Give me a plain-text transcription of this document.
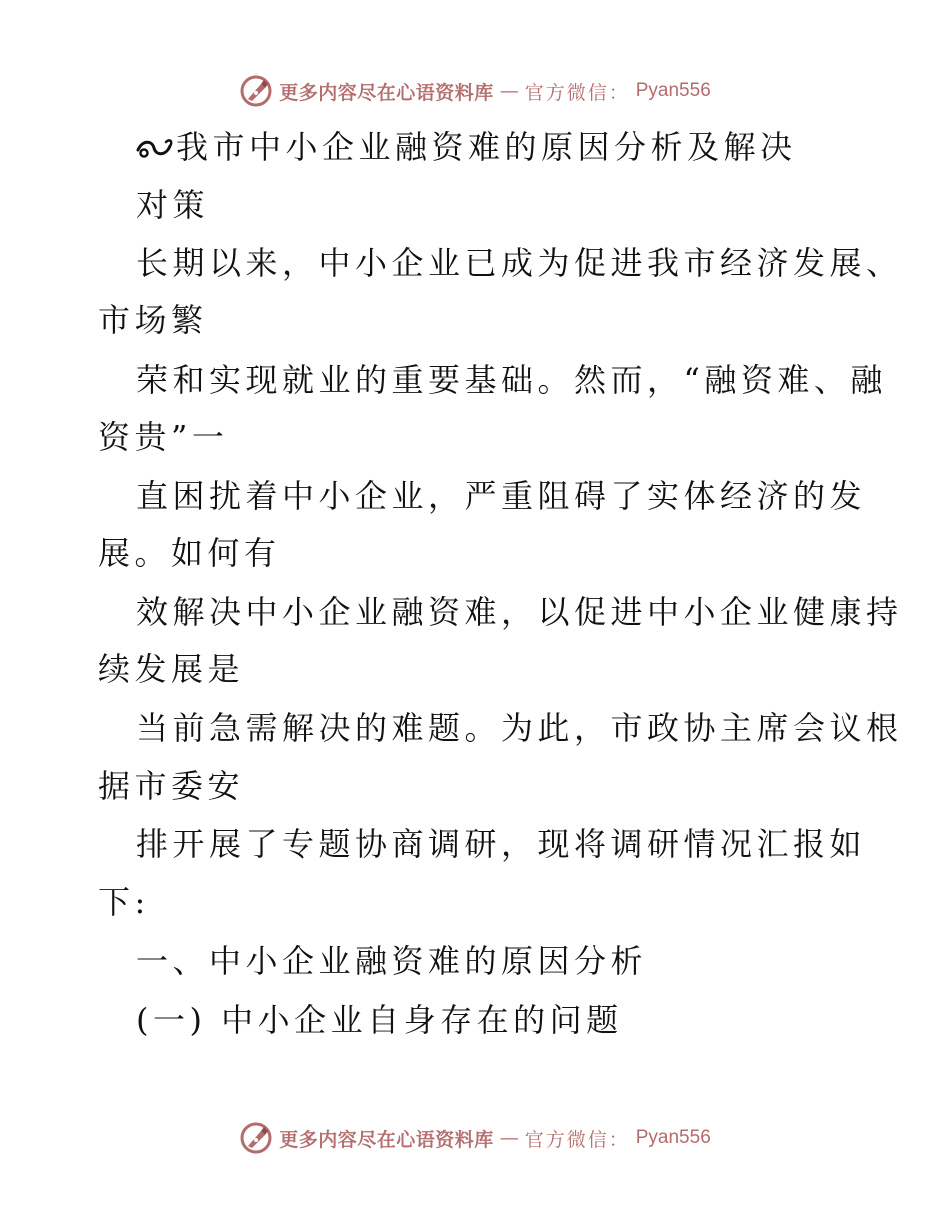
更多内容尽在心语资料库 — 官方微信： Pyan556
我市中小企业融资难的原因分析及解决
对策
长期以来，中小企业已成为促进我市经济发展、
市场繁
荣和实现就业的重要基础。然而，“融资难、融
资贵”一
直困扰着中小企业，严重阻碍了实体经济的发
展。如何有
效解决中小企业融资难，以促进中小企业健康持
续发展是
当前急需解决的难题。为此，市政协主席会议根
据市委安
排开展了专题协商调研，现将调研情况汇报如
下:
一、中小企业融资难的原因分析
(一) 中小企业自身存在的问题
更多内容尽在心语资料库 — 官方微信： Pyan556
